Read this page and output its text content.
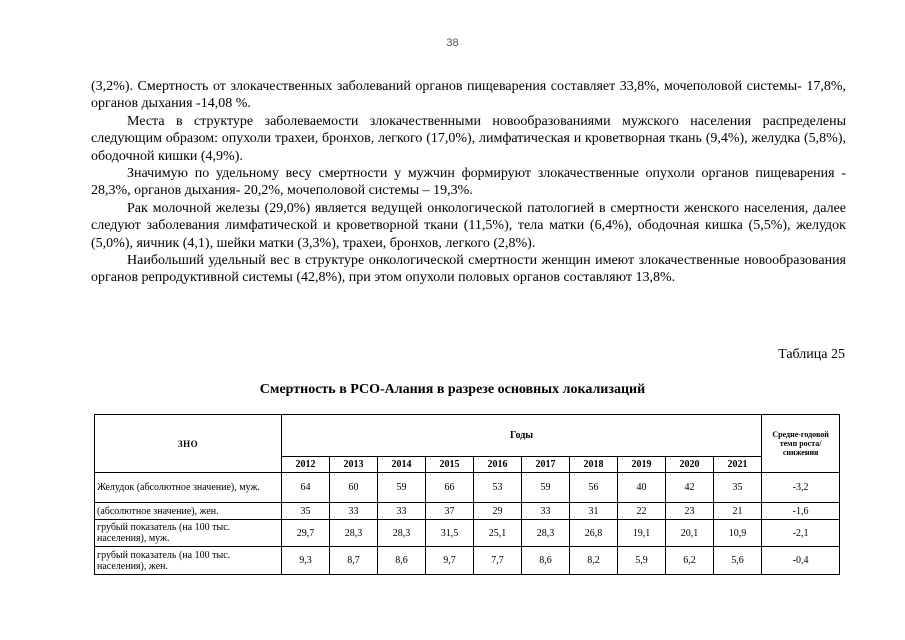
38

(3,2%). Смертность от злокачественных заболеваний органов пищеварения составляет 33,8%, мочеполовой системы- 17,8%, органов дыхания -14,08 %.

Места в структуре заболеваемости злокачественными новообразованиями мужского населения распределены следующим образом: опухоли трахеи, бронхов, легкого (17,0%), лимфатическая и кроветворная ткань (9,4%), желудка (5,8%), ободочной кишки (4,9%).

Значимую по удельному весу смертности у мужчин формируют злокачественные опухоли органов пищеварения - 28,3%, органов дыхания- 20,2%, мочеполовой системы – 19,3%.

Рак молочной железы (29,0%) является ведущей онкологической патологией в смертности женского населения, далее следуют заболевания лимфатической и кроветворной ткани (11,5%), тела матки (6,4%), ободочная кишка (5,5%), желудок (5,0%), яичник (4,1), шейки матки (3,3%), трахеи, бронхов, легкого (2,8%).

Наибольший удельный вес в структуре онкологической смертности женщин имеют злокачественные новообразования органов репродуктивной системы (42,8%), при этом опухоли половых органов составляют 13,8%.

Таблица 25
Смертность в РСО-Алания в разрезе основных локализаций
ЗНО	Годы										Средне-годовой темп роста/ снижения
	2012	2013	2014	2015	2016	2017	2018	2019	2020	2021	
Желудок (абсолютное значение), муж.	64	60	59	66	53	59	56	40	42	35	-3,2
(абсолютное значение), жен.	35	33	33	37	29	33	31	22	23	21	-1,6
грубый показатель (на 100 тыс. населения), муж.	29,7	28,3	28,3	31,5	25,1	28,3	26,8	19,1	20,1	10,9	-2,1
грубый показатель (на 100 тыс. населения), жен.	9,3	8,7	8,6	9,7	7,7	8,6	8,2	5,9	6,2	5,6	-0,4
